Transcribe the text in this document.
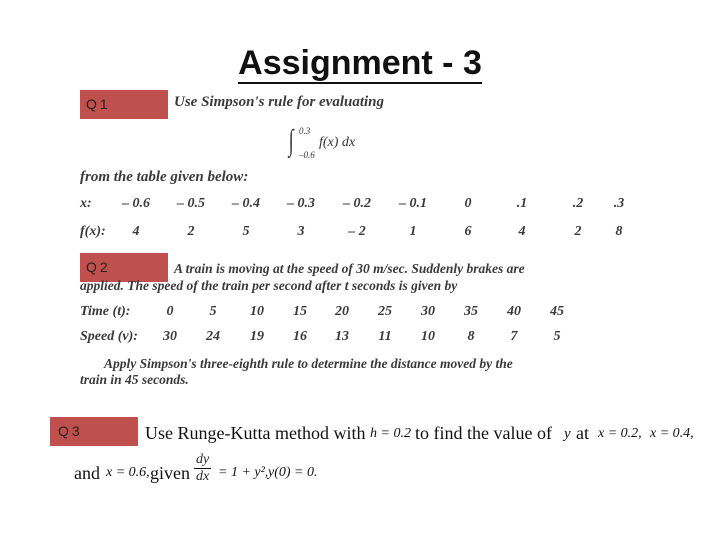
Assignment - 3
Q1	Use Simpson's rule for evaluating
∫ 0.3
–0.6
f(x) dx
from the table given below:
x:	– 0.6	– 0.5	– 0.4	– 0.3	– 0.2	– 0.1	0	.1	.2	.3
f(x):	4	2	5	3	– 2	1	6	4	2	8
Q2	A train is moving at the speed of 30 m/sec. Suddenly brakes are
applied. The speed of the train per second after t seconds is given by
Time (t):	0	5	10	15	20	25	30	35	40	45
Speed (v):	30	24	19	16	13	11	10	8	7	5
Apply Simpson's three-eighth rule to determine the distance moved by the
train in 45 seconds.
Q3	Use Runge-Kutta method with h = 0.2 to find the value of y at x = 0.2, x = 0.4,
and x = 0.6, given $\frac{dy}{dx} = 1 + y^2$, y(0) = 0.
